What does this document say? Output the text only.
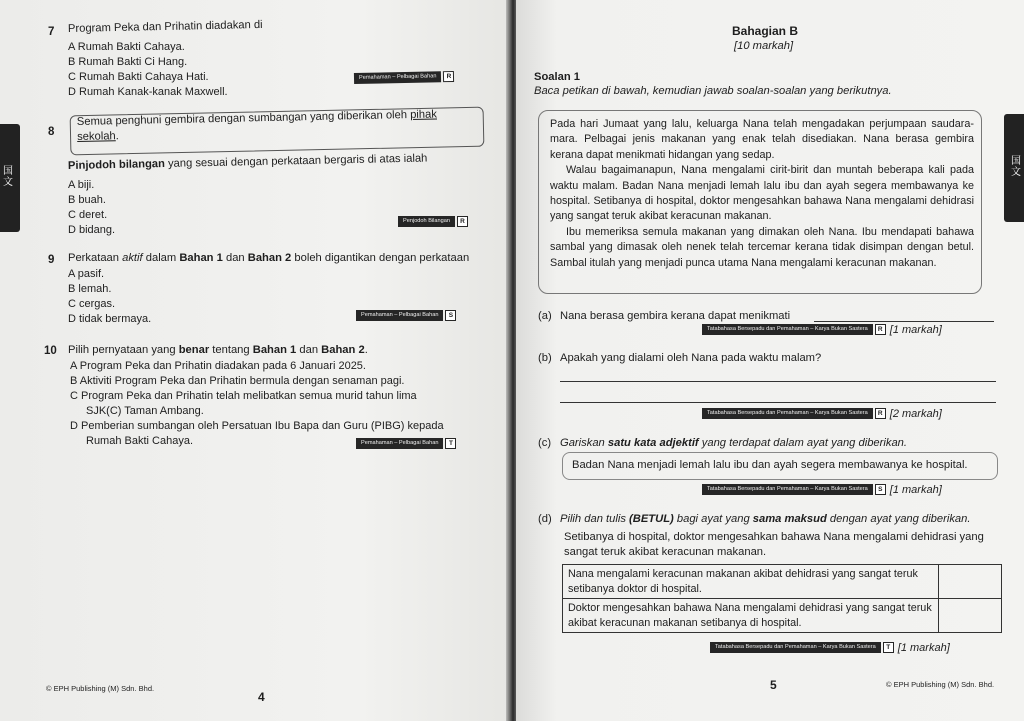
国文
7 Program Peka dan Prihatin diadakan di
A Rumah Bakti Cahaya.
B Rumah Bakti Ci Hang.
C Rumah Bakti Cahaya Hati.
D Rumah Kanak-kanak Maxwell.
Pemahaman – Pelbagai Bahan	R
8
Semua penghuni gembira dengan sumbangan yang diberikan oleh pihak sekolah.
Pinjodoh bilangan yang sesuai dengan perkataan bergaris di atas ialah
A biji.
B buah.
C deret.
D bidang.
Penjodoh Bilangan	R
9 Perkataan aktif dalam Bahan 1 dan Bahan 2 boleh digantikan dengan perkataan
A pasif.
B lemah.
C cergas.
D tidak bermaya.	Pemahaman – Pelbagai Bahan	S
10 Pilih pernyataan yang benar tentang Bahan 1 dan Bahan 2.
A Program Peka dan Prihatin diadakan pada 6 Januari 2025.
B Aktiviti Program Peka dan Prihatin bermula dengan senaman pagi.
C Program Peka dan Prihatin telah melibatkan semua murid tahun lima
SJK(C) Taman Ambang.
D Pemberian sumbangan oleh Persatuan Ibu Bapa dan Guru (PIBG) kepada
Rumah Bakti Cahaya.	Pemahaman – Pelbagai Bahan	T
© EPH Publishing (M) Sdn. Bhd.
4
国文
Bahagian B
[10 markah]
Soalan 1
Baca petikan di bawah, kemudian jawab soalan-soalan yang berikutnya.

Pada hari Jumaat yang lalu, keluarga Nana telah mengadakan perjumpaan saudara-mara. Pelbagai jenis makanan yang enak telah disediakan. Nana berasa gembira kerana dapat menikmati hidangan yang sedap.

Walau bagaimanapun, Nana mengalami cirit-birit dan muntah beberapa kali pada waktu malam. Badan Nana menjadi lemah lalu ibu dan ayah segera membawanya ke hospital. Setibanya di hospital, doktor mengesahkan bahawa Nana mengalami dehidrasi yang sangat teruk akibat keracunan makanan.

Ibu memeriksa semula makanan yang dimakan oleh Nana. Ibu mendapati bahawa sambal yang dimasak oleh nenek telah tercemar kerana tidak disimpan dengan betul. Sambal itulah yang menjadi punca utama Nana mengalami keracunan makanan.

(a) Nana berasa gembira kerana dapat menikmati
Tatabahasa Bersepadu dan Pemahaman – Karya Bukan Sastera	R [1 markah]
(b) Apakah yang dialami oleh Nana pada waktu malam?
Tatabahasa Bersepadu dan Pemahaman – Karya Bukan Sastera	R [2 markah]
(c) Gariskan satu kata adjektif yang terdapat dalam ayat yang diberikan.
Badan Nana menjadi lemah lalu ibu dan ayah segera membawanya ke hospital.
Tatabahasa Bersepadu dan Pemahaman – Karya Bukan Sastera	S [1 markah]
(d) Pilih dan tulis (BETUL) bagi ayat yang sama maksud dengan ayat yang diberikan.
Setibanya di hospital, doktor mengesahkan bahawa Nana mengalami dehidrasi yang sangat teruk akibat keracunan makanan.
Nana mengalami keracunan makanan akibat dehidrasi yang sangat teruk setibanya doktor di hospital.	
Doktor mengesahkan bahawa Nana mengalami dehidrasi yang sangat teruk akibat keracunan makanan setibanya di hospital.	
Tatabahasa Bersepadu dan Pemahaman – Karya Bukan Sastera	T [1 markah]
5	© EPH Publishing (M) Sdn. Bhd.
